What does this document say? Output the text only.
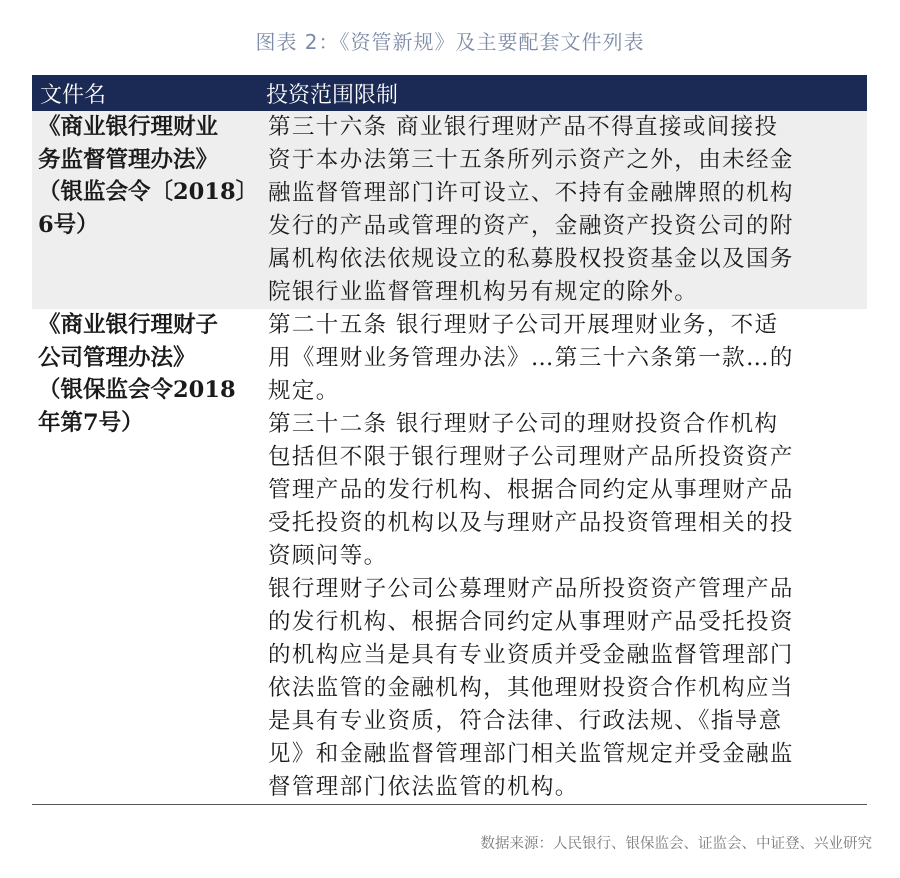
图表 2：《资管新规》及主要配套文件列表
文件名	投资范围限制
《商业银行理财业
务监督管理办法》
（银监会令〔2018〕
6号）
第三十六条 商业银行理财产品不得直接或间接投
资于本办法第三十五条所列示资产之外，由未经金
融监督管理部门许可设立、不持有金融牌照的机构
发行的产品或管理的资产，金融资产投资公司的附
属机构依法依规设立的私募股权投资基金以及国务
院银行业监督管理机构另有规定的除外。
《商业银行理财子
公司管理办法》
（银保监会令2018
年第7号）
第二十五条 银行理财子公司开展理财业务，不适
用《理财业务管理办法》…第三十六条第一款…的
规定。
第三十二条 银行理财子公司的理财投资合作机构
包括但不限于银行理财子公司理财产品所投资资产
管理产品的发行机构、根据合同约定从事理财产品
受托投资的机构以及与理财产品投资管理相关的投
资顾问等。
银行理财子公司公募理财产品所投资资产管理产品
的发行机构、根据合同约定从事理财产品受托投资
的机构应当是具有专业资质并受金融监督管理部门
依法监管的金融机构，其他理财投资合作机构应当
是具有专业资质，符合法律、行政法规、《指导意
见》和金融监督管理部门相关监管规定并受金融监
督管理部门依法监管的机构。
数据来源：人民银行、银保监会、证监会、中证登、兴业研究
